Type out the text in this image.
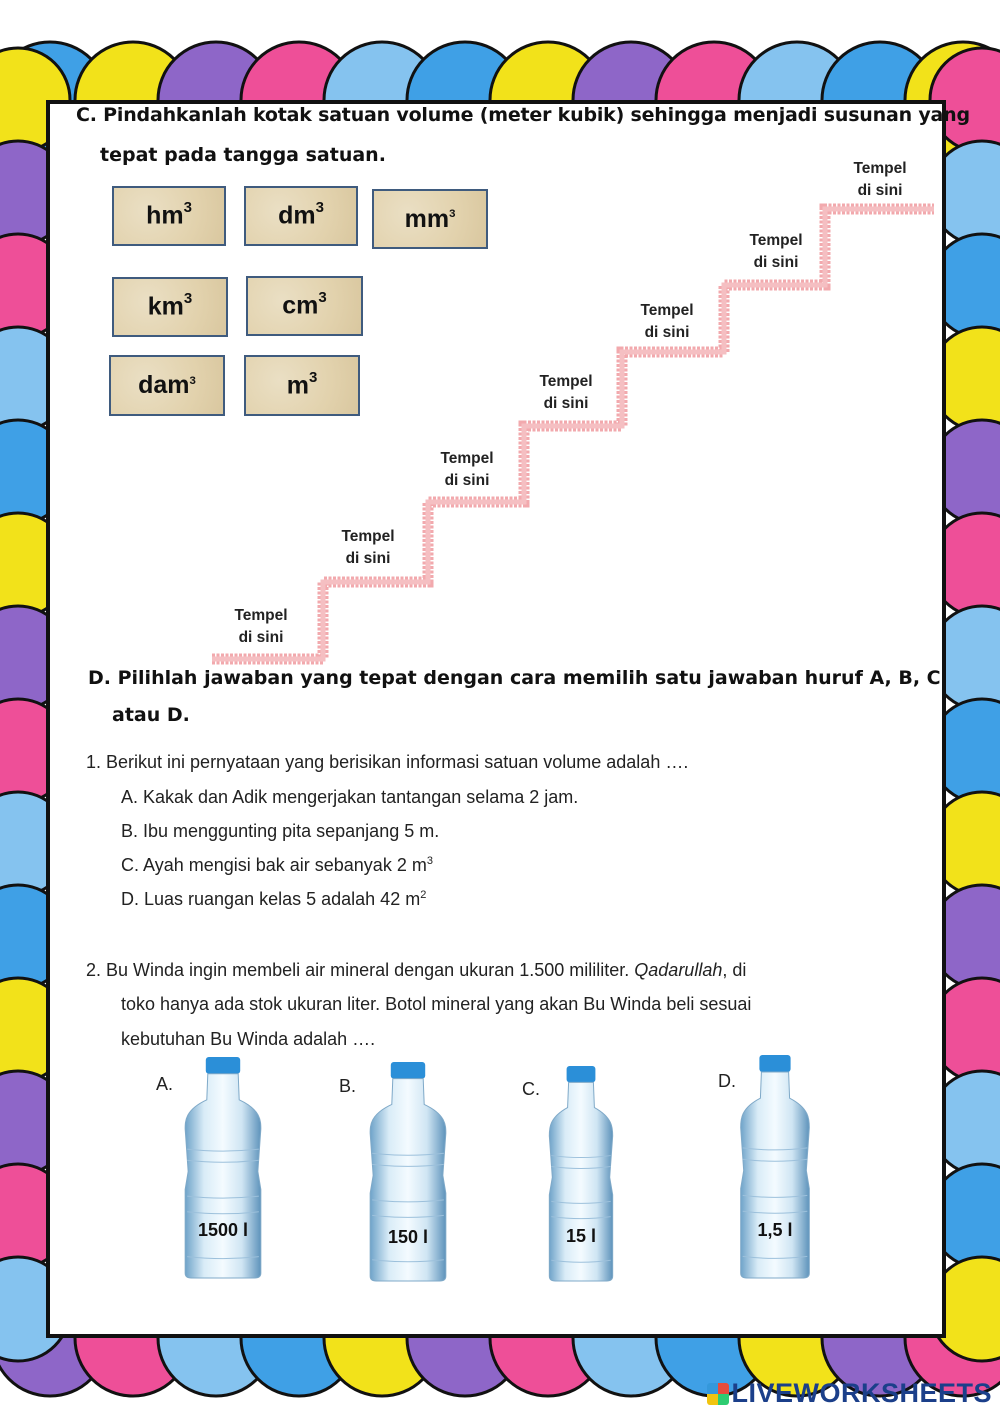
C. Pindahkanlah kotak satuan volume (meter kubik) sehingga menjadi susunan yang
tepat pada tangga satuan.
$hm^3$	$dm^3$	$mm^3$
$km^3$	$cm^3$
dam$^3$	$m^3$
Tempel
di sini
Tempel
di sini
Tempel
di sini
Tempel
di sini
Tempel
di sini
Tempel
di sini
Tempel
di sini
D. Pilihlah jawaban yang tepat dengan cara memilih satu jawaban huruf A, B, C
atau D.
1. Berikut ini pernyataan yang berisikan informasi satuan volume adalah ….
A. Kakak dan Adik mengerjakan tantangan selama 2 jam.
B. Ibu menggunting pita sepanjang 5 m.
C. Ayah mengisi bak air sebanyak 2 $m^3$
D. Luas ruangan kelas 5 adalah 42 $m^2$
2. Bu Winda ingin membeli air mineral dengan ukuran 1.500 mililiter. Qadarullah, di
toko hanya ada stok ukuran liter. Botol mineral yang akan Bu Winda beli sesuai
kebutuhan Bu Winda adalah ….
A.	B.	C.	D.
1500 l	150 l	15 l	1,5 l
LIVEWORKSHEETS
